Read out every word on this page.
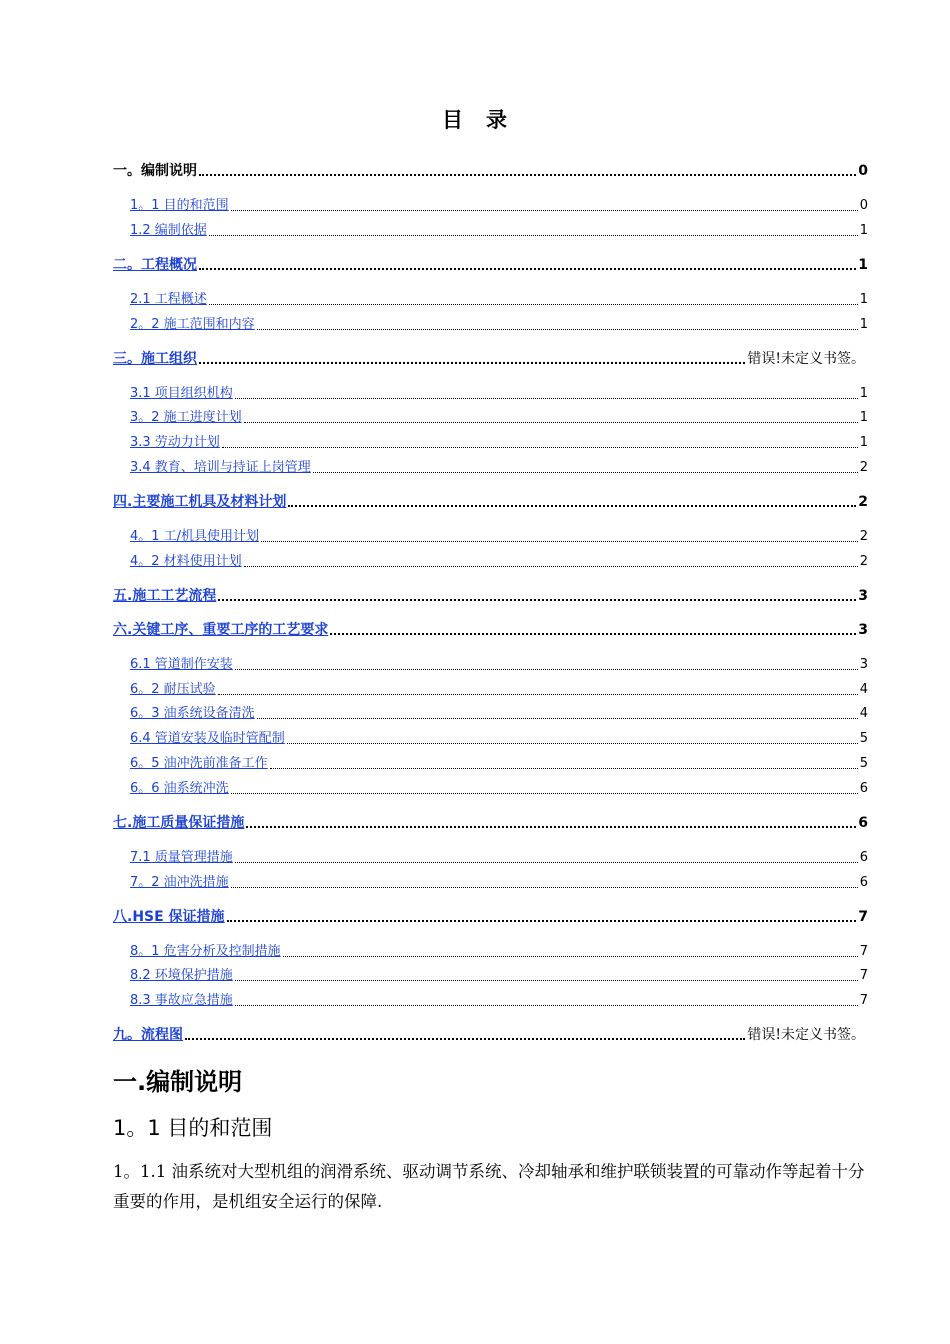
目　录
一。编制说明	0
1。1 目的和范围	0
1.2 编制依据	1
二。工程概况	1
2.1 工程概述	1
2。2 施工范围和内容	1
三。施工组织	错误!未定义书签。
3.1 项目组织机构	1
3。2 施工进度计划	1
3.3 劳动力计划	1
3.4 教育、培训与持证上岗管理	2
四.主要施工机具及材料计划	2
4。1 工/机具使用计划	2
4。2 材料使用计划	2
五.施工工艺流程	3
六.关键工序、重要工序的工艺要求	3
6.1 管道制作安装	3
6。2 耐压试验	4
6。3 油系统设备清洗	4
6.4 管道安装及临时管配制	5
6。5 油冲洗前准备工作	5
6。6 油系统冲洗	6
七.施工质量保证措施	6
7.1 质量管理措施	6
7。2 油冲洗措施	6
八.HSE 保证措施	7
8。1 危害分析及控制措施	7
8.2 环境保护措施	7
8.3 事故应急措施	7
九。流程图	错误!未定义书签。
一.编制说明
1。1 目的和范围
1。1.1 油系统对大型机组的润滑系统、驱动调节系统、冷却轴承和维护联锁装置的可靠动作等起着十分重要的作用，是机组安全运行的保障.
